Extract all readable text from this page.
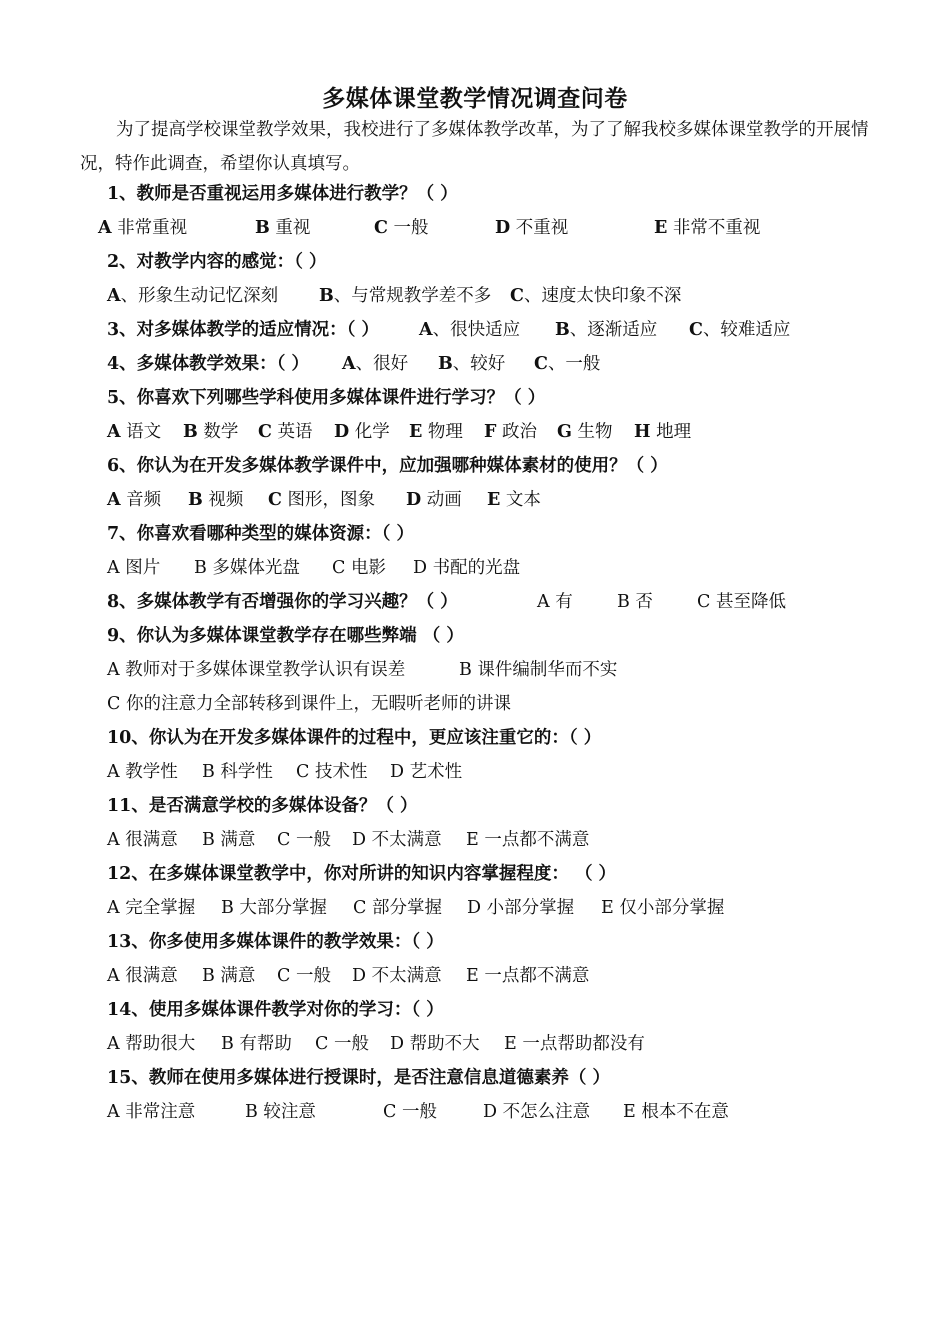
多媒体课堂教学情况调查问卷
为了提高学校课堂教学效果，我校进行了多媒体教学改革，为了了解我校多媒体课堂教学的开展情况，特作此调查，希望你认真填写。
1、教师是否重视运用多媒体进行教学？（ ）
A 非常重视	B 重视	C 一般	D 不重视	E 非常不重视
2、对教学内容的感觉：（ ）
A、形象生动记忆深刻 B、与常规教学差不多 C、速度太快印象不深
3、对多媒体教学的适应情况：（ ） A、很快适应 B、逐渐适应 C、较难适应
4、多媒体教学效果：（ ） A、很好 B、较好 C、一般
5、你喜欢下列哪些学科使用多媒体课件进行学习？（ ）
A 语文 B 数学 C 英语 D 化学 E 物理 F 政治 G 生物 H 地理
6、你认为在开发多媒体教学课件中，应加强哪种媒体素材的使用？（ ）
A 音频 B 视频 C 图形，图象 D 动画 E 文本
7、你喜欢看哪种类型的媒体资源：（ ）
A 图片 B 多媒体光盘 C 电影 D 书配的光盘
8、多媒体教学有否增强你的学习兴趣？（ ）	A 有	B 否	C 甚至降低
9、你认为多媒体课堂教学存在哪些弊端 （ ）
A 教师对于多媒体课堂教学认识有误差	B 课件编制华而不实
C 你的注意力全部转移到课件上，无暇听老师的讲课
10、你认为在开发多媒体课件的过程中，更应该注重它的：（ ）
A 教学性 B 科学性 C 技术性 D 艺术性
11、是否满意学校的多媒体设备？（ ）
A 很满意 B 满意 C 一般 D 不太满意 E 一点都不满意
12、在多媒体课堂教学中，你对所讲的知识内容掌握程度： （ ）
A 完全掌握 B 大部分掌握 C 部分掌握 D 小部分掌握 E 仅小部分掌握
13、你多使用多媒体课件的教学效果：（ ）
A 很满意 B 满意 C 一般 D 不太满意 E 一点都不满意
14、使用多媒体课件教学对你的学习：（ ）
A 帮助很大 B 有帮助 C 一般 D 帮助不大 E 一点帮助都没有
15、教师在使用多媒体进行授课时，是否注意信息道德素养（ ）
A 非常注意	B 较注意	C 一般	D 不怎么注意 E 根本不在意
